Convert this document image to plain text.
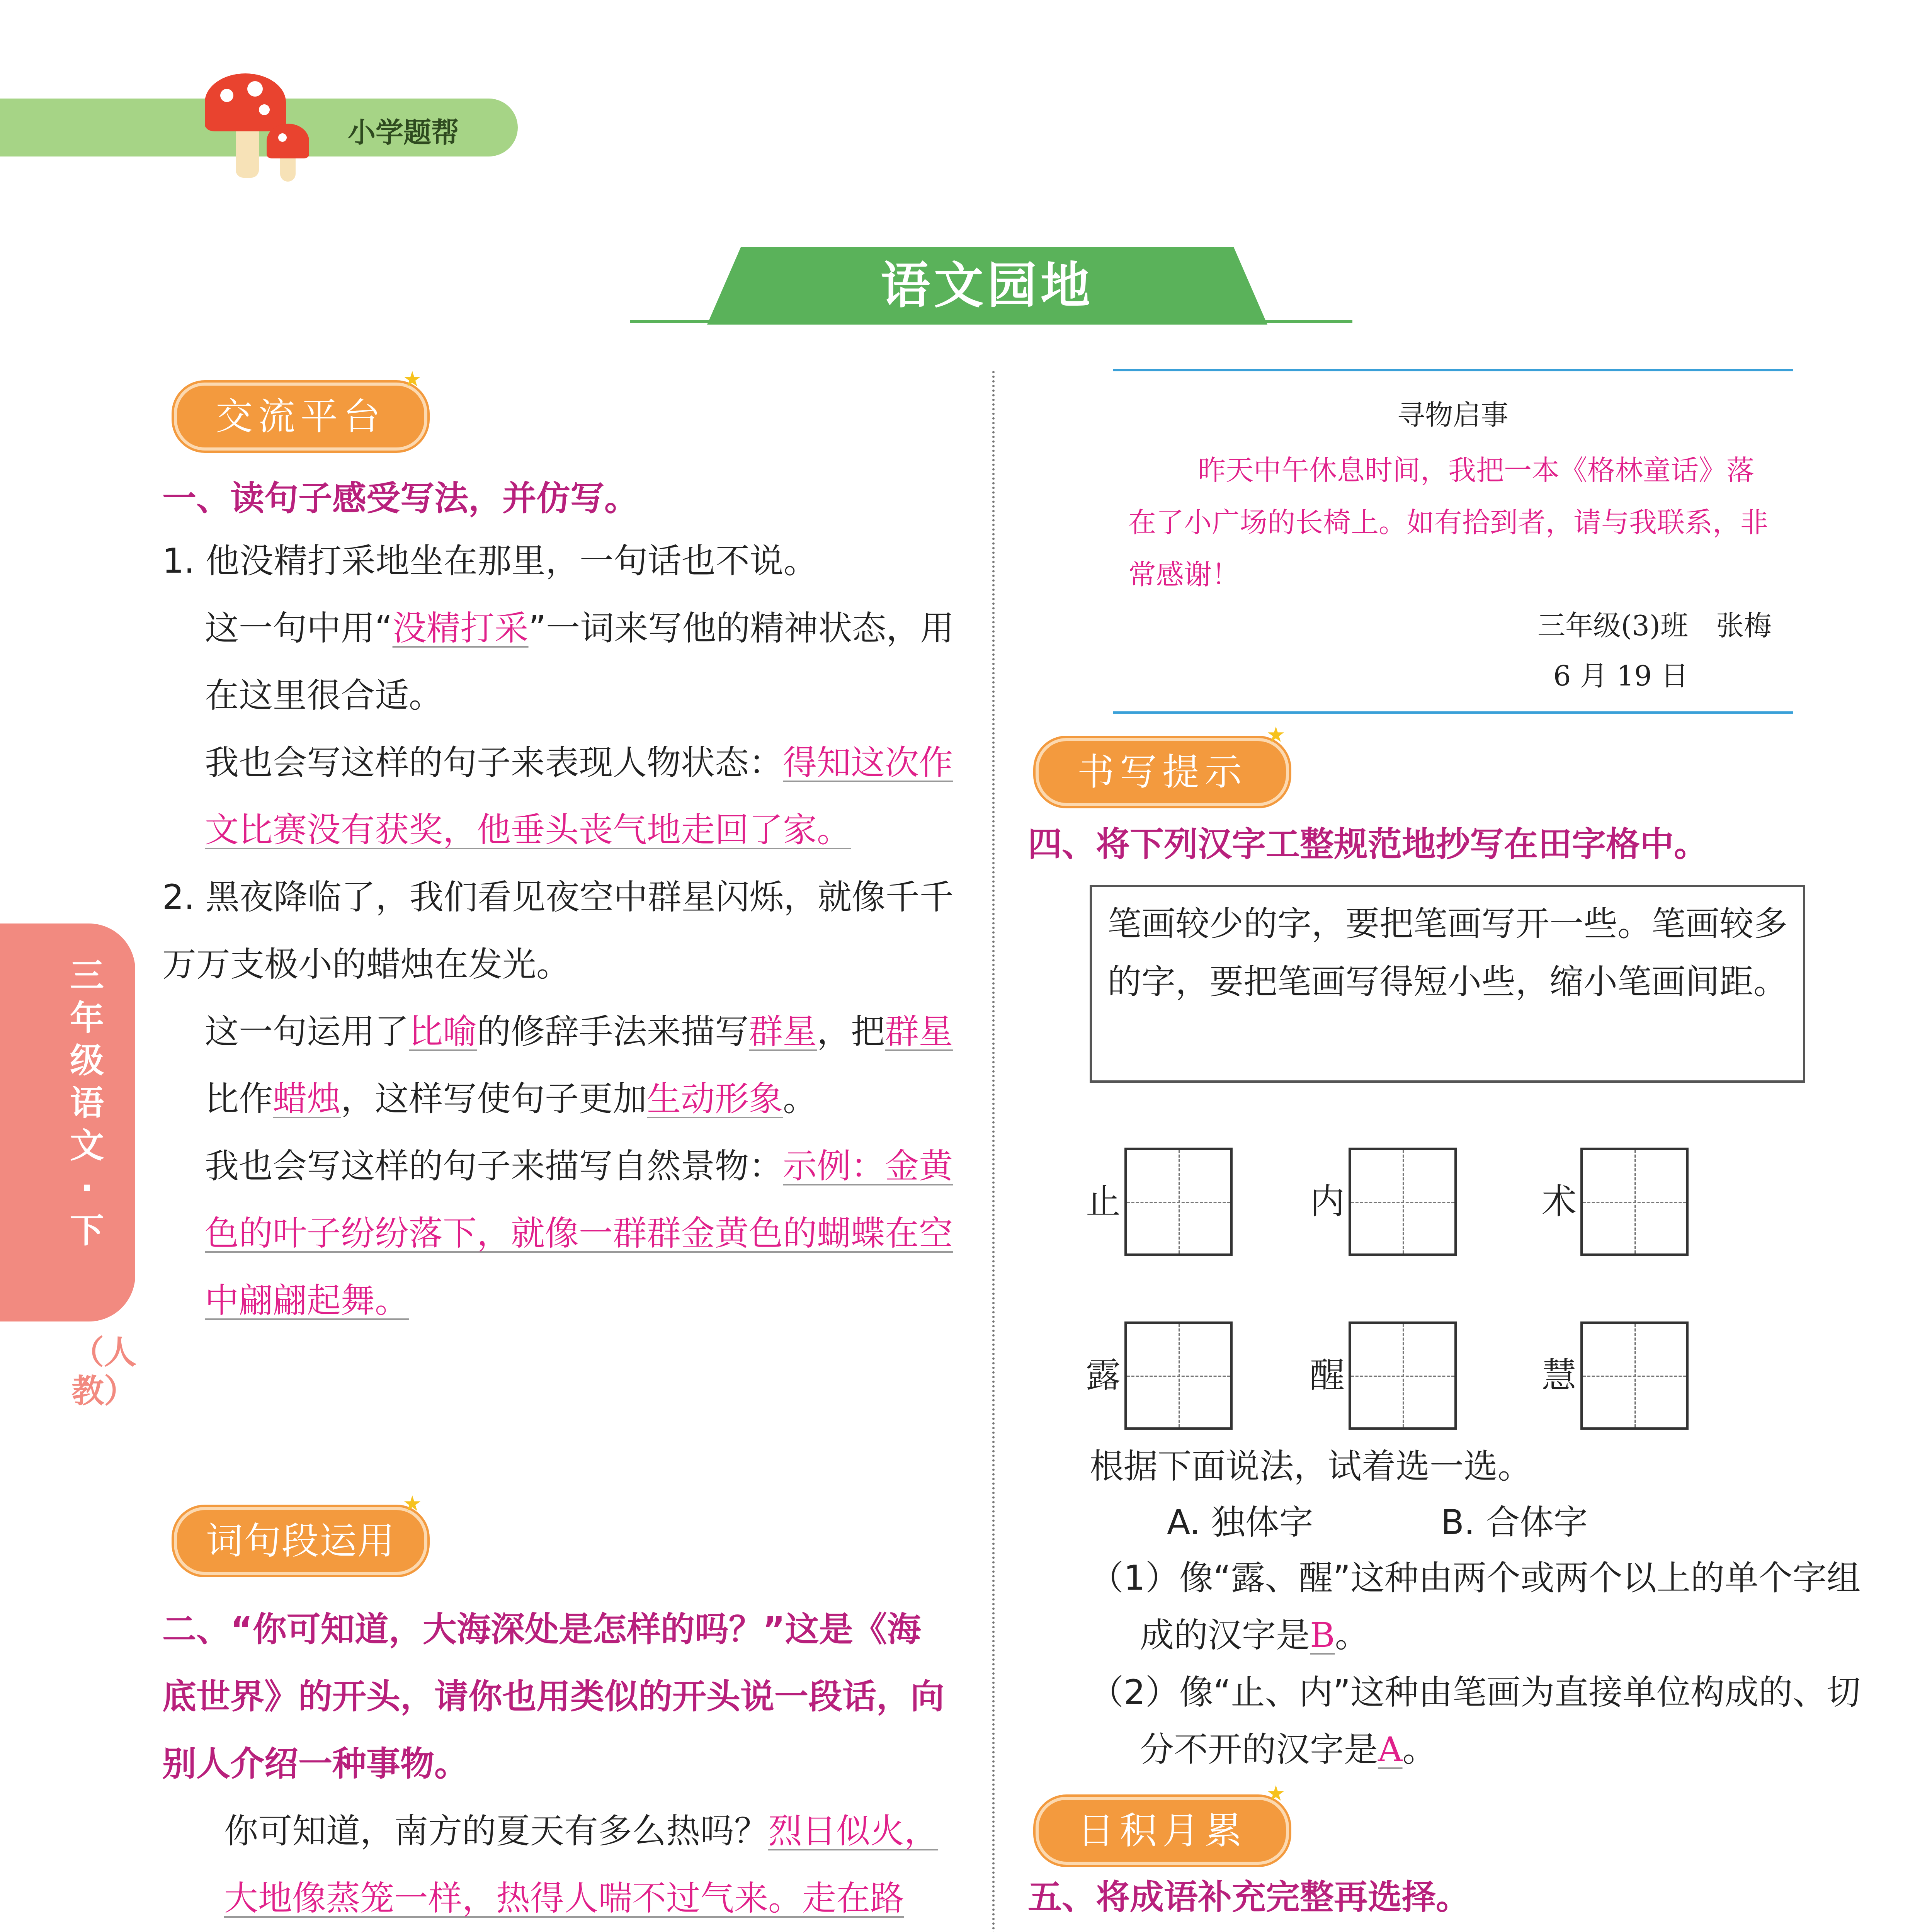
小学题帮
语文园地
三年级语文·下
（人教）
交流平台
一、读句子感受写法，并仿写。
1. 他没精打采地坐在那里，一句话也不说。
这一句中用“没精打采”一词来写他的精神状态，用在这里很合适。
我也会写这样的句子来表现人物状态：得知这次作文比赛没有获奖，他垂头丧气地走回了家。
2. 黑夜降临了，我们看见夜空中群星闪烁，就像千千万万支极小的蜡烛在发光。
这一句运用了比喻的修辞手法来描写群星，把群星比作蜡烛，这样写使句子更加生动形象。
我也会写这样的句子来描写自然景物：示例：金黄色的叶子纷纷落下，就像一群群金黄色的蝴蝶在空中翩翩起舞。
词句段运用
二、“你可知道，大海深处是怎样的吗？”这是《海底世界》的开头，请你也用类似的开头说一段话，向别人介绍一种事物。
你可知道，南方的夏天有多么热吗？烈日似火，大地像蒸笼一样，热得人喘不过气来。走在路
寻物启事
昨天中午休息时间，我把一本《格林童话》落在了小广场的长椅上。如有拾到者，请与我联系，非常感谢！
三年级(3)班　张梅
6 月 19 日
书写提示
四、将下列汉字工整规范地抄写在田字格中。
笔画较少的字，要把笔画写开一些。笔画较多的字，要把笔画写得短小些，缩小笔画间距。
止	内	术
露	醒	慧
根据下面说法，试着选一选。
A. 独体字	B. 合体字
（1）像“露、醒”这种由两个或两个以上的单个字组成的汉字是B。
（2）像“止、内”这种由笔画为直接单位构成的、切分不开的汉字是A。
日积月累
五、将成语补充完整再选择。
